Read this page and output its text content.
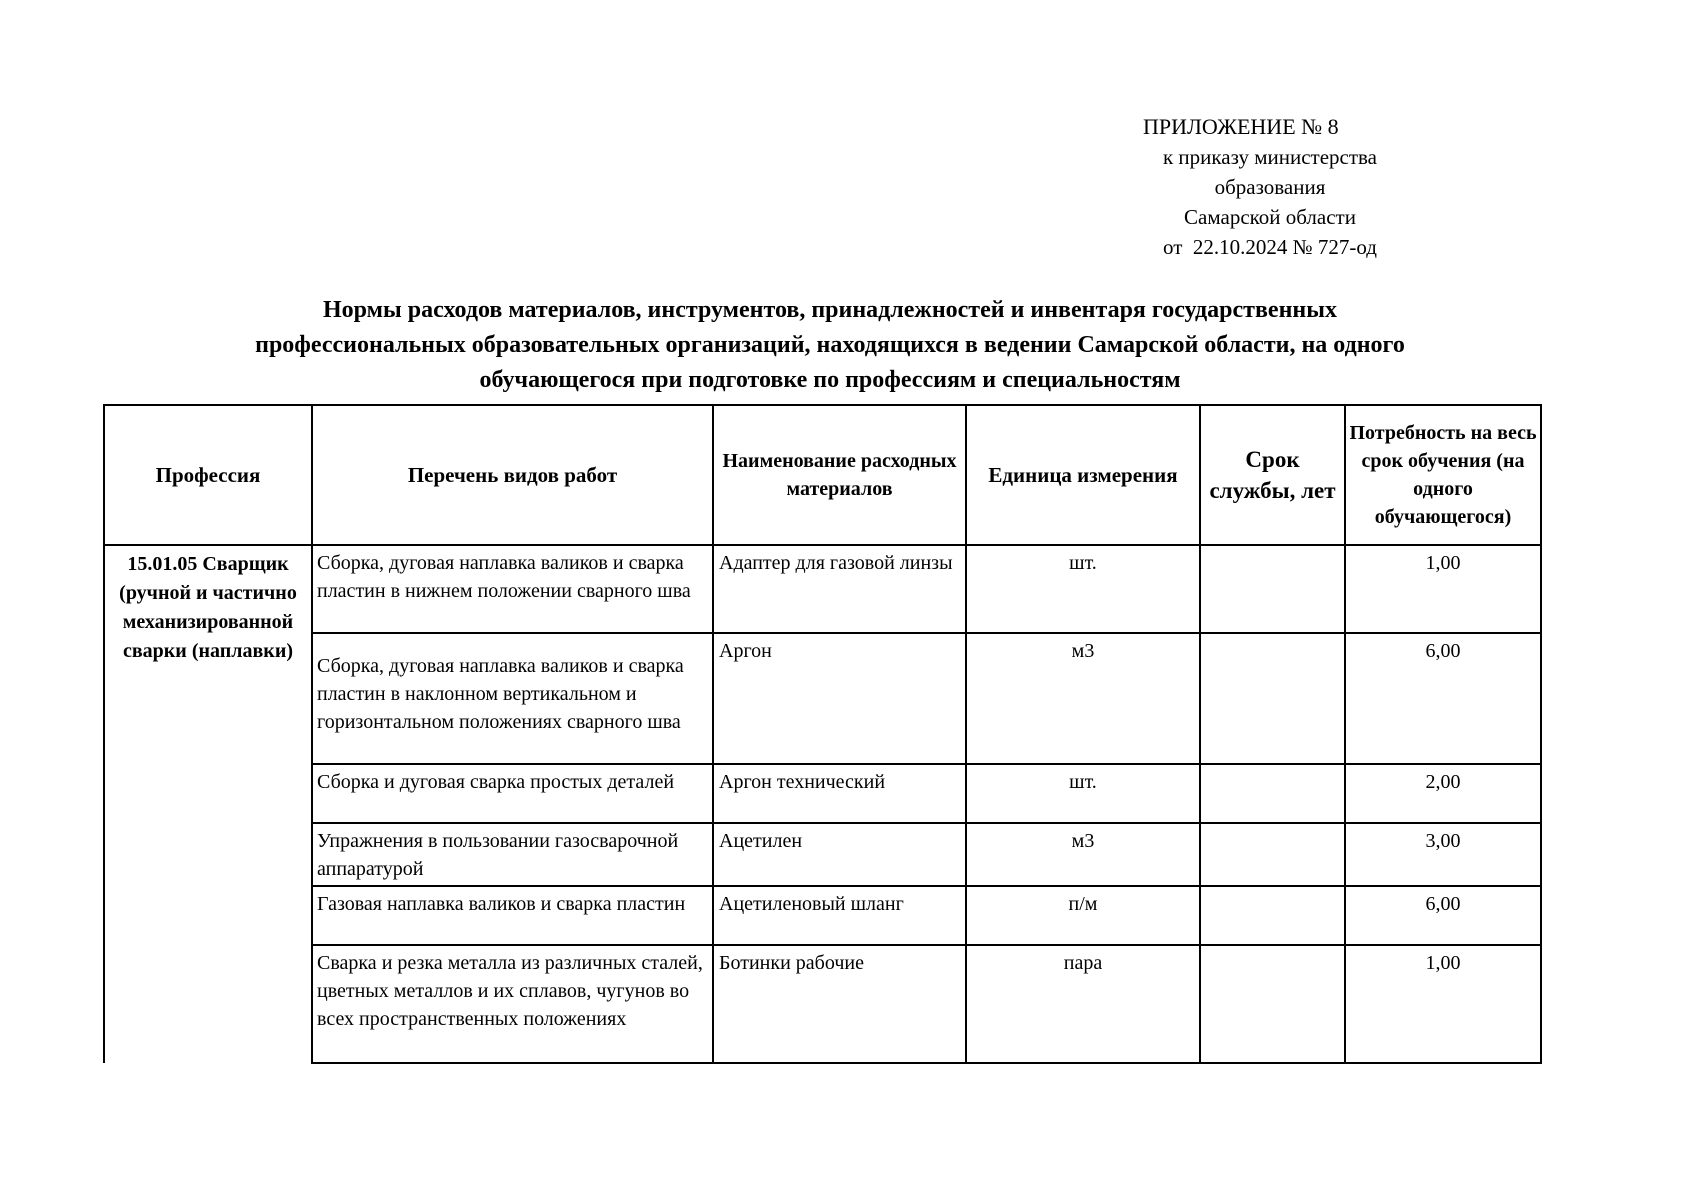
ПРИЛОЖЕНИЕ № 8
к приказу министерства
образования
Самарской области
от  22.10.2024 № 727-од
Нормы расходов материалов, инструментов, принадлежностей и инвентаря государственных
профессиональных образовательных организаций, находящихся в ведении Самарской области, на одного
обучающегося при подготовке по профессиям и специальностям
Профессия	Перечень видов работ	Наименование расходных материалов	Единица измерения	Срок службы, лет	Потребность на весь срок обучения (на одного обучающегося)
15.01.05 Сварщик (ручной и частично механизированной сварки (наплавки)	Сборка, дуговая наплавка валиков и сварка пластин в нижнем положении сварного шва	Адаптер для газовой линзы	шт.		1,00
	Сборка, дуговая наплавка валиков и сварка пластин в наклонном вертикальном и горизонтальном положениях сварного шва	Аргон	м3		6,00
	Сборка и дуговая сварка простых деталей	Аргон технический	шт.		2,00
	Упражнения в пользовании газосварочной аппаратурой	Ацетилен	м3		3,00
	Газовая наплавка валиков и сварка пластин	Ацетиленовый шланг	п/м		6,00
	Сварка и резка металла из различных сталей, цветных металлов и их сплавов, чугунов во всех пространственных положениях	Ботинки рабочие	пара		1,00
